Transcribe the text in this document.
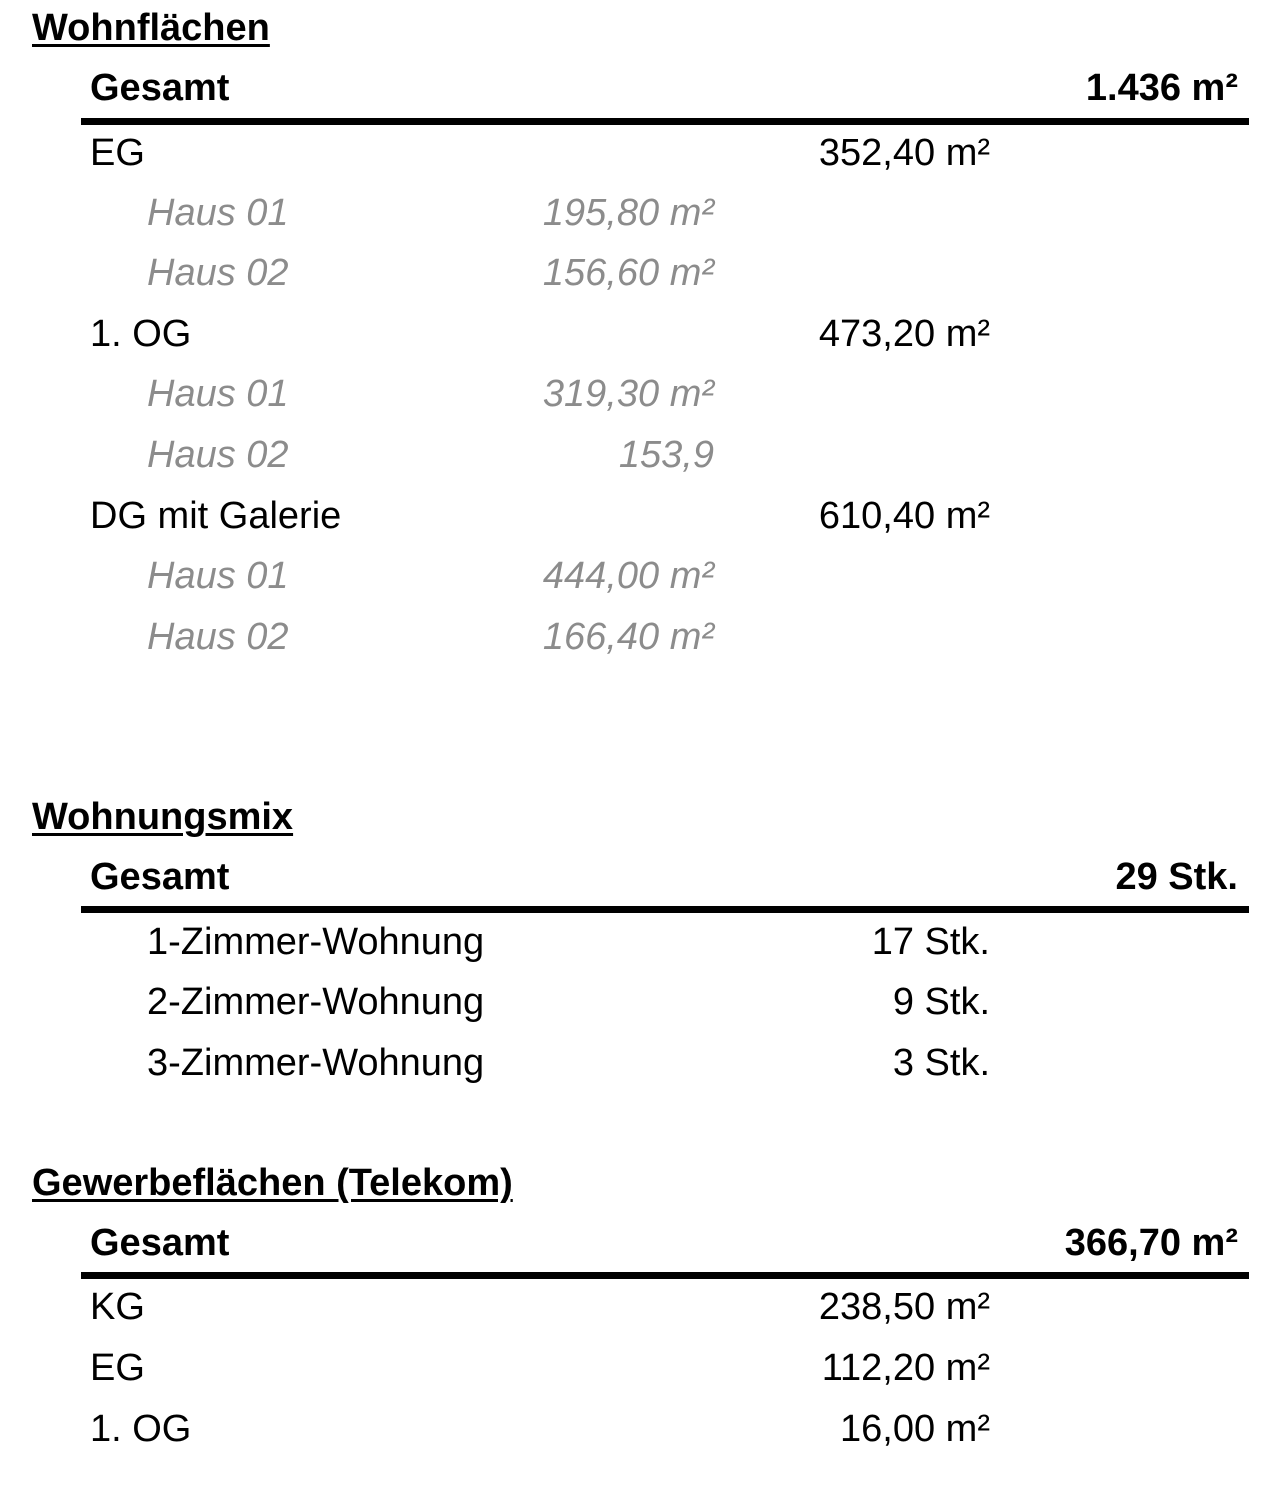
Wohnflächen
Gesamt	1.436 m²
EG	352,40 m²
Haus 01	195,80 m²
Haus 02	156,60 m²
1. OG	473,20 m²
Haus 01	319,30 m²
Haus 02	153,9
DG mit Galerie	610,40 m²
Haus 01	444,00 m²
Haus 02	166,40 m²
Wohnungsmix
Gesamt	29 Stk.
1-Zimmer-Wohnung	17 Stk.
2-Zimmer-Wohnung	9 Stk.
3-Zimmer-Wohnung	3 Stk.
Gewerbeflächen (Telekom)
Gesamt	366,70 m²
KG	238,50 m²
EG	112,20 m²
1. OG	16,00 m²
